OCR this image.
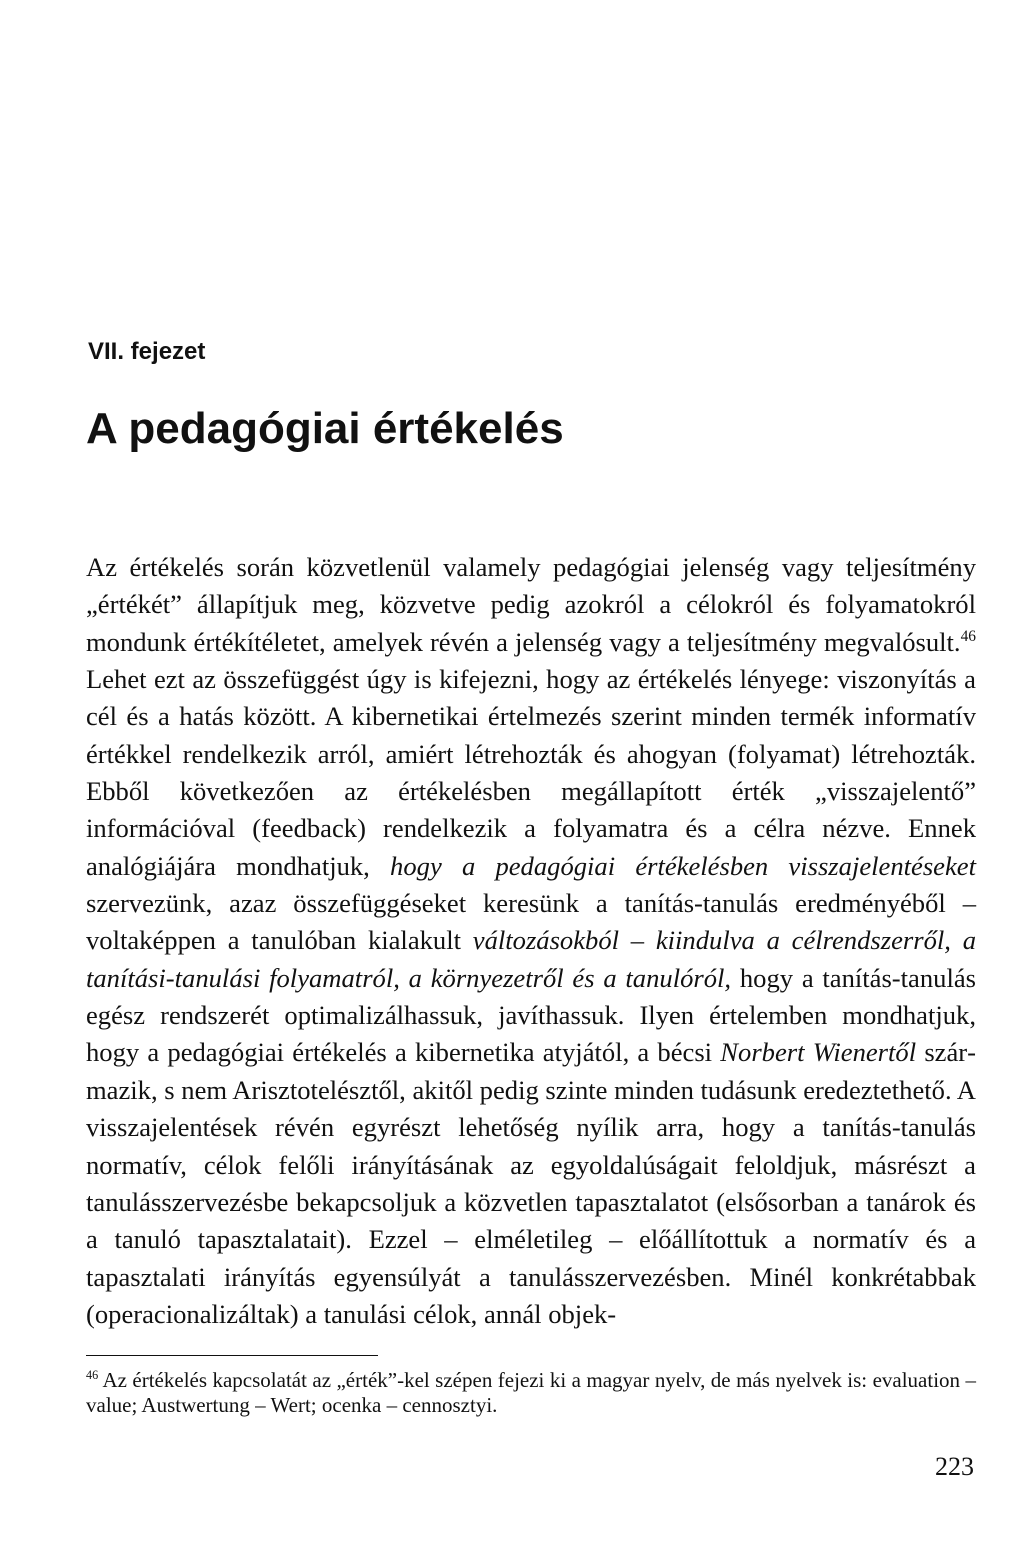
VII. fejezet
A pedagógiai értékelés

Az értékelés során közvetlenül valamely pedagógiai jelenség vagy teljesítmény „értékét” állapítjuk meg, közvetve pedig azokról a célokról és folyamatokról mondunk értékítéletet, amelyek révén a jelenség vagy a teljesítmény megvalósult.$^{46}$ Lehet ezt az összefüggést úgy is kifejezni, hogy az értékelés lényege: viszonyítás a cél és a hatás között. A kibernetikai értelmezés szerint minden termék informatív értékkel rendelkezik arról, amiért létrehozták és ahogyan (folyamat) létrehozták. Ebből következően az értékelésben megállapított érték „visszajelentő” információval (feedback) rendelkezik a folyamatra és a célra nézve. Ennek analógiájára mondhatjuk, hogy a pedagógiai értékelésben visszajelentéseket szervezünk, azaz összefüggéseket keresünk a tanítás-tanulás eredményéből – voltaképpen a tanulóban kialakult változásokból – kiindulva a célrendszerről, a tanítási-tanulási folyamatról, a környezetről és a tanulóról, hogy a tanítás-tanulás egész rendszerét optimalizálhassuk, javíthassuk. Ilyen értelemben mondhatjuk, hogy a pedagógiai értékelés a kibernetika atyjától, a bécsi Norbert Wienertől származik, s nem Arisztotelésztől, akitől pedig szinte minden tudásunk eredeztethető. A visszajelentések révén egyrészt lehetőség nyílik arra, hogy a tanítás-tanulás normatív, célok felőli irányításának az egyoldalúságait feloldjuk, másrészt a tanulásszervezésbe bekapcsoljuk a közvetlen tapasztalatot (elsősorban a tanárok és a tanuló tapasztalatait). Ezzel – elméletileg – előállítottuk a normatív és a tapasztalati irányítás egyensúlyát a tanulásszervezésben. Minél konkrétabbak (operacionalizáltak) a tanulási célok, annál objek-

$^{46}$ Az értékelés kapcsolatát az „érték”-kel szépen fejezi ki a magyar nyelv, de más nyelvek is: evaluation – value; Austwertung – Wert; ocenka – cennosztyi.

223
